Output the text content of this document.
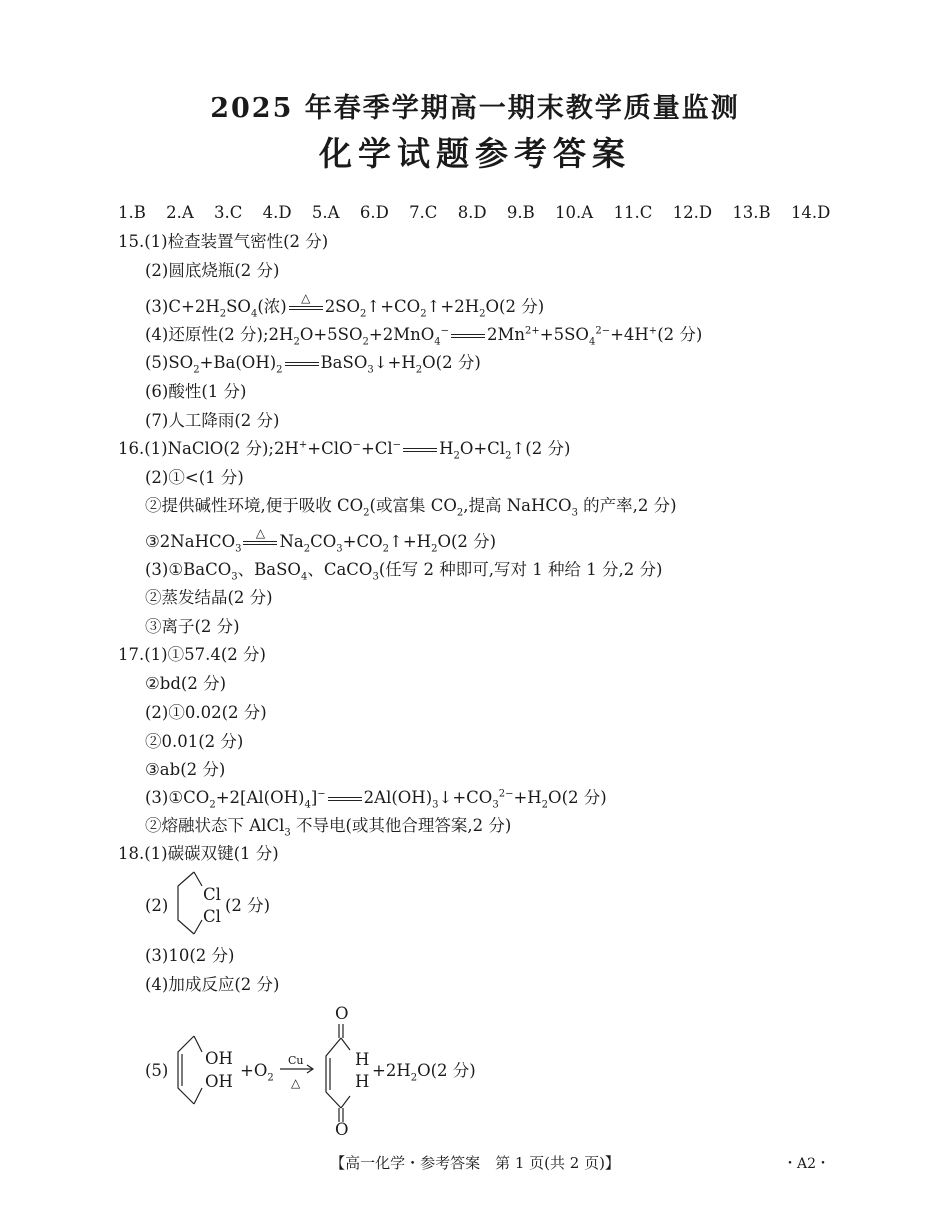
2025 年春季学期高一期末教学质量监测
化学试题参考答案
1.B 2.A 3.C 4.D 5.A 6.D 7.C 8.D 9.B 10.A 11.C 12.D 13.B 14.D
15.(1)检查装置气密性(2 分)
(2)圆底烧瓶(2 分)
$(3)C+2H_2SO_4$(浓)	△ $2SO_2↑+CO_2↑+2H_2O(2$ 分)
(4)还原性(2 分)$;2H_2O+5SO_2+2MnO_4^-$ $2Mn^{2+}+5SO_4^{2-}+4H^+(2$ 分)
$(5)SO_2+Ba(OH)_2$ $BaSO_3↓+H_2O(2$ 分)
(6)酸性(1 分)
(7)人工降雨(2 分)
16.(1)NaClO(2 分);2H++ClO−+Cl− $H_2O+Cl_2↑(2$ 分)
(2)①<(1 分)
②提供碱性环境,便于吸收 $CO_2$(或富集 $CO_2$,提高 NaHCO$_3$ 的产率,2 分)
③2NaHCO$_3$
△ $Na_2CO_3+CO_2↑+H_2O(2$ 分)
(3)①BaCO$_3$、BaSO$_4$、CaCO$_3$(任写 2 种即可,写对 1 种给 1 分,2 分)
②蒸发结晶(2 分)
③离子(2 分)
17.(1)①57.4(2 分)
②bd(2 分)
(2)①0.02(2 分)
②0.01(2 分)
③ab(2 分)
$(3)①CO_2+2[Al(OH)_4]^-$ $2Al(OH)_3↓+CO_3^{2-}+H_2O(2$ 分)
②熔融状态下 AlCl$_3$ 不导电(或其他合理答案,2 分)
18.(1)碳碳双键(1 分)
(2)
Cl
Cl
(2 分)
(3)10(2 分)
(4)加成反应(2 分)
(5)
OH
OH
$+O_2$
Cu
△
O
H
H
O
$+2H_2O(2$ 分)
【高一化学・参考答案　第 1 页(共 2 页)】	・A2・
